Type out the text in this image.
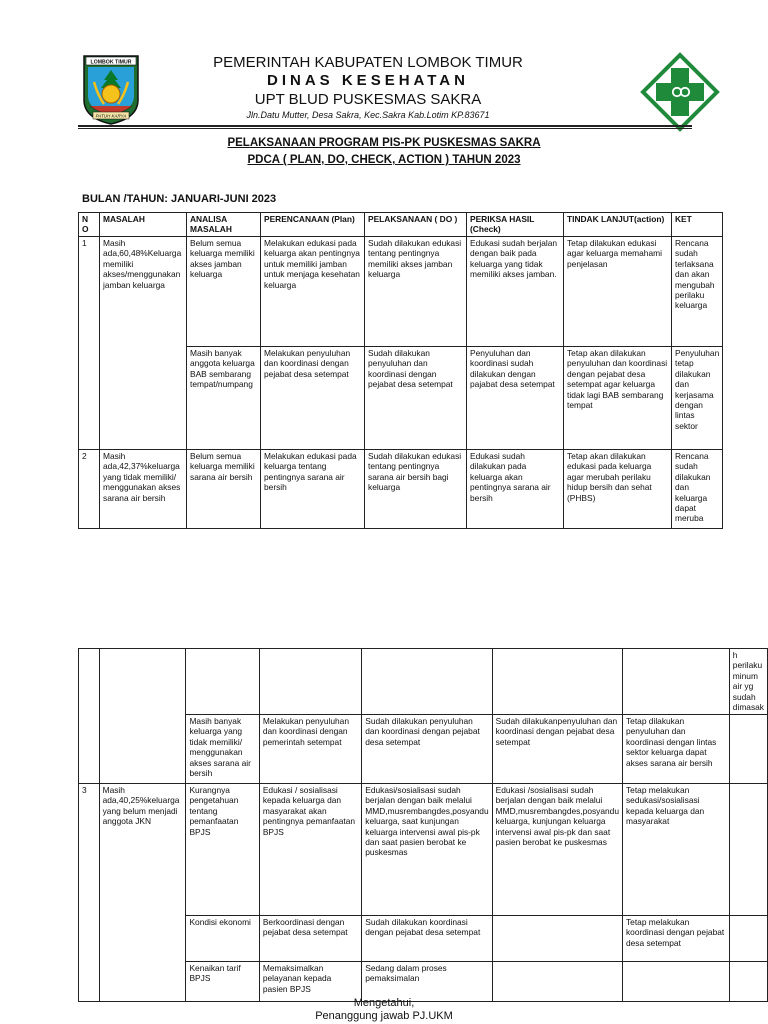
LOMBOK TIMUR
PATUH KARYA
PEMERINTAH KABUPATEN LOMBOK TIMUR
DINAS KESEHATAN
UPT BLUD PUSKESMAS SAKRA
Jln.Datu Mutter, Desa Sakra, Kec.Sakra Kab.Lotim KP.83671
PELAKSANAAN PROGRAM PIS-PK PUSKESMAS SAKRA
PDCA ( PLAN, DO, CHECK, ACTION ) TAHUN 2023
BULAN /TAHUN: JANUARI-JUNI 2023
N O	MASALAH	ANALISA MASALAH	PERENCANAAN (Plan)	PELAKSANAAN ( DO )	PERIKSA HASIL (Check)	TINDAK LANJUT(action)	KET
1	Masih ada,60,48%Keluarga memiliki akses/menggunakan jamban keluarga	Belum semua keluarga memiliki akses jamban keluarga	Melakukan edukasi pada keluarga akan pentingnya untuk memiliki jamban untuk menjaga kesehatan keluarga	Sudah dilakukan edukasi tentang pentingnya memiliki akses jamban keluarga	Edukasi sudah berjalan dengan baik pada keluarga yang tidak memiliki akses jamban.	Tetap dilakukan edukasi agar keluarga memahami penjelasan	Rencana sudah terlaksana dan akan mengubah perilaku keluarga
		Masih banyak anggota keluarga BAB sembarang tempat/numpang	Melakukan penyuluhan dan koordinasi dengan pejabat desa setempat	Sudah dilakukan penyuluhan dan koordinasi dengan pejabat desa setempat	Penyuluhan dan koordinasi sudah dilakukan dengan pajabat desa setempat	Tetap akan dilakukan penyuluhan dan koordinasi dengan pejabat desa setempat agar keluarga tidak lagi BAB sembarang tempat	Penyuluhan tetap dilakukan dan kerjasama dengan lintas sektor
2	Masih ada,42,37%keluarga yang tidak memiliki/ menggunakan akses sarana air bersih	Belum semua keluarga memiliki sarana air bersih	Melakukan edukasi pada keluarga tentang pentingnya sarana air bersih	Sudah dilakukan edukasi tentang pentingnya sarana air bersih bagi keluarga	Edukasi sudah dilakukan pada keluarga akan pentingnya sarana air bersih	Tetap akan dilakukan edukasi pada keluarga agar merubah perilaku hidup bersih dan sehat (PHBS)	Rencana sudah dilakukan dan keluarga dapat meruba
							h perilaku minum air yg sudah dimasak
		Masih banyak keluarga yang tidak memiliki/ menggunakan akses sarana air bersih	Melakukan penyuluhan dan koordinasi dengan pemerintah setempat	Sudah dilakukan penyuluhan dan koordinasi dengan pejabat desa setempat	Sudah dilakukanpenyuluhan dan koordinasi dengan pejabat desa setempat	Tetap dilakukan penyuluhan dan koordinasi dengan lintas sektor keluarga dapat akses sarana air bersih	
3	Masih ada,40,25%keluarga yang belum menjadi anggota JKN	Kurangnya pengetahuan tentang pemanfaatan BPJS	Edukasi / sosialisasi kepada keluarga dan masyarakat akan pentingnya pemanfaatan BPJS	Edukasi/sosialisasi sudah berjalan dengan baik melalui MMD,musrembangdes,posyandu keluarga, saat kunjungan keluarga intervensi awal pis-pk dan saat pasien berobat ke puskesmas	Edukasi /sosialisasi sudah berjalan dengan baik melalui MMD,musrembangdes,posyandu keluarga, kunjungan keluarga intervensi awal pis-pk dan saat pasien berobat ke puskesmas	Tetap melakukan sedukasi/sosialisasi kepada keluarga dan masyarakat	
		Kondisi ekonomi	Berkoordinasi dengan pejabat desa setempat	Sudah dilakukan koordinasi dengan pejabat desa setempat		Tetap melakukan koordinasi dengan pejabat desa setempat	
		Kenaikan tarif BPJS	Memaksimalkan pelayanan kepada pasien BPJS	Sedang dalam proses pemaksimalan			
Mengetahui,
Penanggung jawab PJ.UKM
